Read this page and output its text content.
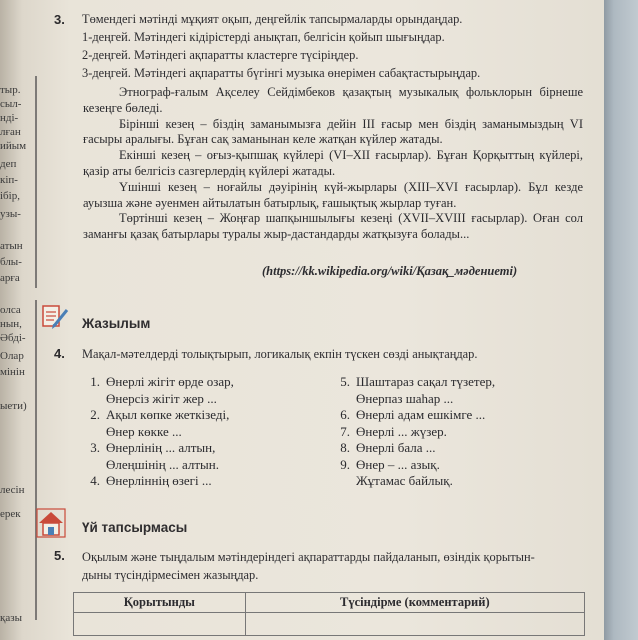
тыр.
сыл-
нді-
лған
ийым
деп
кіп-
ібір,
узы-
атын
блы-
арға
олса
нын,
Әбді-
Олар
мінін
ыети)
лесін
ерек
қазы
3. Төмендегі мәтінді мұқият оқып, деңгейлік тапсырмаларды орындаңдар.
1-деңгей. Мәтіндегі кідірістерді анықтап, белгісін қойып шығыңдар.
2-деңгей. Мәтіндегі ақпаратты кластерге түсіріңдер.
3-деңгей. Мәтіндегі ақпаратты бүгінгі музыка өнерімен сабақтастырыңдар.

Этнограф-ғалым Ақселеу Сейдімбеков қазақтың музыкалық фольклорын бірнеше кезеңге бөледі.

Бірінші кезең – біздің заманымызға дейін III ғасыр мен біздің заманымыздың VI ғасыры аралығы. Бұған сақ заманынан келе жатқан күйлер жатады.

Екінші кезең – оғыз-қыпшақ күйлері (VI–XII ғасырлар). Бұған Қорқыттың күйлері, қазір аты белгісіз сазгерлердің күйлері жатады.

Үшінші кезең – ноғайлы дәуірінің күй-жырлары (XIII–XVI ғасырлар). Бұл кезде ауызша және әуенмен айтылатын батырлық, ғашықтық жырлар туған.

Төртінші кезең – Жоңғар шапқыншылығы кезеңі (XVII–XVIII ғасырлар). Оған сол заманғы қазақ батырлары туралы жыр-дастандарды жатқызуға болады...

(https://kk.wikipedia.org/wiki/Қазақ_мәдениеті)
Жазылым
4. Мақал-мәтелдерді толықтырып, логикалық екпін түскен сөзді анықтаңдар.
1. Өнерлі жігіт өрде озар,
Өнерсіз жігіт жер ...
2. Ақыл көпке жеткізеді,
Өнер көкке ...
3. Өнерлінің ... алтын,
Өлеңшінің ... алтын.
4. Өнерліннің өзегі ...
5. Шаштараз сақал түзетер,
Өнерпаз шаһар ...
6. Өнерлі адам ешкімге ...
7. Өнерлі ... жүзер.
8. Өнерлі бала ...
9. Өнер – ... азық.
Жұтамас байлық.
Үй тапсырмасы
5. Оқылым және тыңдалым мәтіндеріндегі ақпараттарды пайдаланып, өзіндік қорытын-
дыны түсіндірмесімен жазыңдар.
Қорытынды	Түсіндірме (комментарий)
